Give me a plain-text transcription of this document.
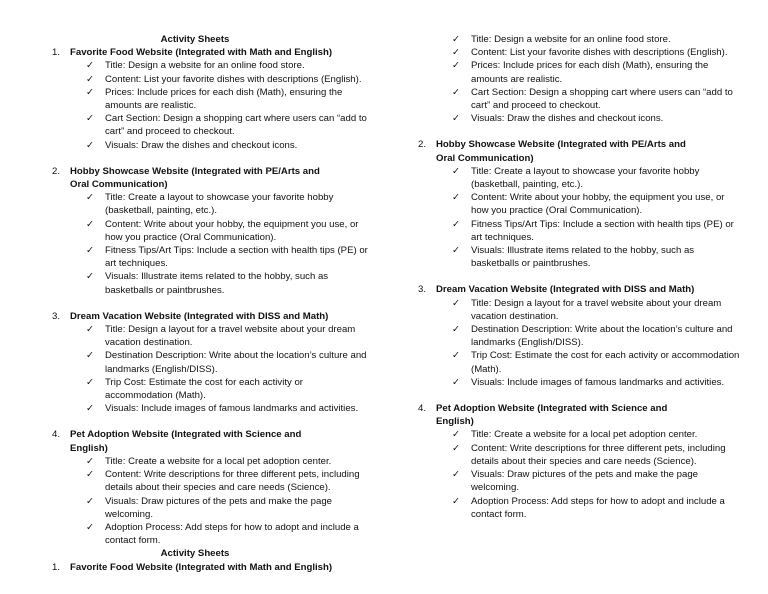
Activity Sheets
1. Favorite Food Website (Integrated with Math and English)
✓ Title: Design a website for an online food store.
✓ Content: List your favorite dishes with descriptions (English).
✓ Prices: Include prices for each dish (Math), ensuring the amounts are realistic.
✓ Cart Section: Design a shopping cart where users can “add to cart” and proceed to checkout.
✓ Visuals: Draw the dishes and checkout icons.
2. Hobby Showcase Website (Integrated with PE/Arts and Oral Communication)
✓ Title: Create a layout to showcase your favorite hobby (basketball, painting, etc.).
✓ Content: Write about your hobby, the equipment you use, or how you practice (Oral Communication).
✓ Fitness Tips/Art Tips: Include a section with health tips (PE) or art techniques.
✓ Visuals: Illustrate items related to the hobby, such as basketballs or paintbrushes.
3. Dream Vacation Website (Integrated with DISS and Math)
✓ Title: Design a layout for a travel website about your dream vacation destination.
✓ Destination Description: Write about the location’s culture and landmarks (English/DISS).
✓ Trip Cost: Estimate the cost for each activity or accommodation (Math).
✓ Visuals: Include images of famous landmarks and activities.
4. Pet Adoption Website (Integrated with Science and English)
✓ Title: Create a website for a local pet adoption center.
✓ Content: Write descriptions for three different pets, including details about their species and care needs (Science).
✓ Visuals: Draw pictures of the pets and make the page welcoming.
✓ Adoption Process: Add steps for how to adopt and include a contact form.
Activity Sheets
1. Favorite Food Website (Integrated with Math and English)
✓ Title: Design a website for an online food store.
✓ Content: List your favorite dishes with descriptions (English).
✓ Prices: Include prices for each dish (Math), ensuring the amounts are realistic.
✓ Cart Section: Design a shopping cart where users can “add to cart” and proceed to checkout.
✓ Visuals: Draw the dishes and checkout icons.
2. Hobby Showcase Website (Integrated with PE/Arts and Oral Communication)
✓ Title: Create a layout to showcase your favorite hobby (basketball, painting, etc.).
✓ Content: Write about your hobby, the equipment you use, or how you practice (Oral Communication).
✓ Fitness Tips/Art Tips: Include a section with health tips (PE) or art techniques.
✓ Visuals: Illustrate items related to the hobby, such as basketballs or paintbrushes.
3. Dream Vacation Website (Integrated with DISS and Math)
✓ Title: Design a layout for a travel website about your dream vacation destination.
✓ Destination Description: Write about the location’s culture and landmarks (English/DISS).
✓ Trip Cost: Estimate the cost for each activity or accommodation (Math).
✓ Visuals: Include images of famous landmarks and activities.
4. Pet Adoption Website (Integrated with Science and English)
✓ Title: Create a website for a local pet adoption center.
✓ Content: Write descriptions for three different pets, including details about their species and care needs (Science).
✓ Visuals: Draw pictures of the pets and make the page welcoming.
✓ Adoption Process: Add steps for how to adopt and include a contact form.
